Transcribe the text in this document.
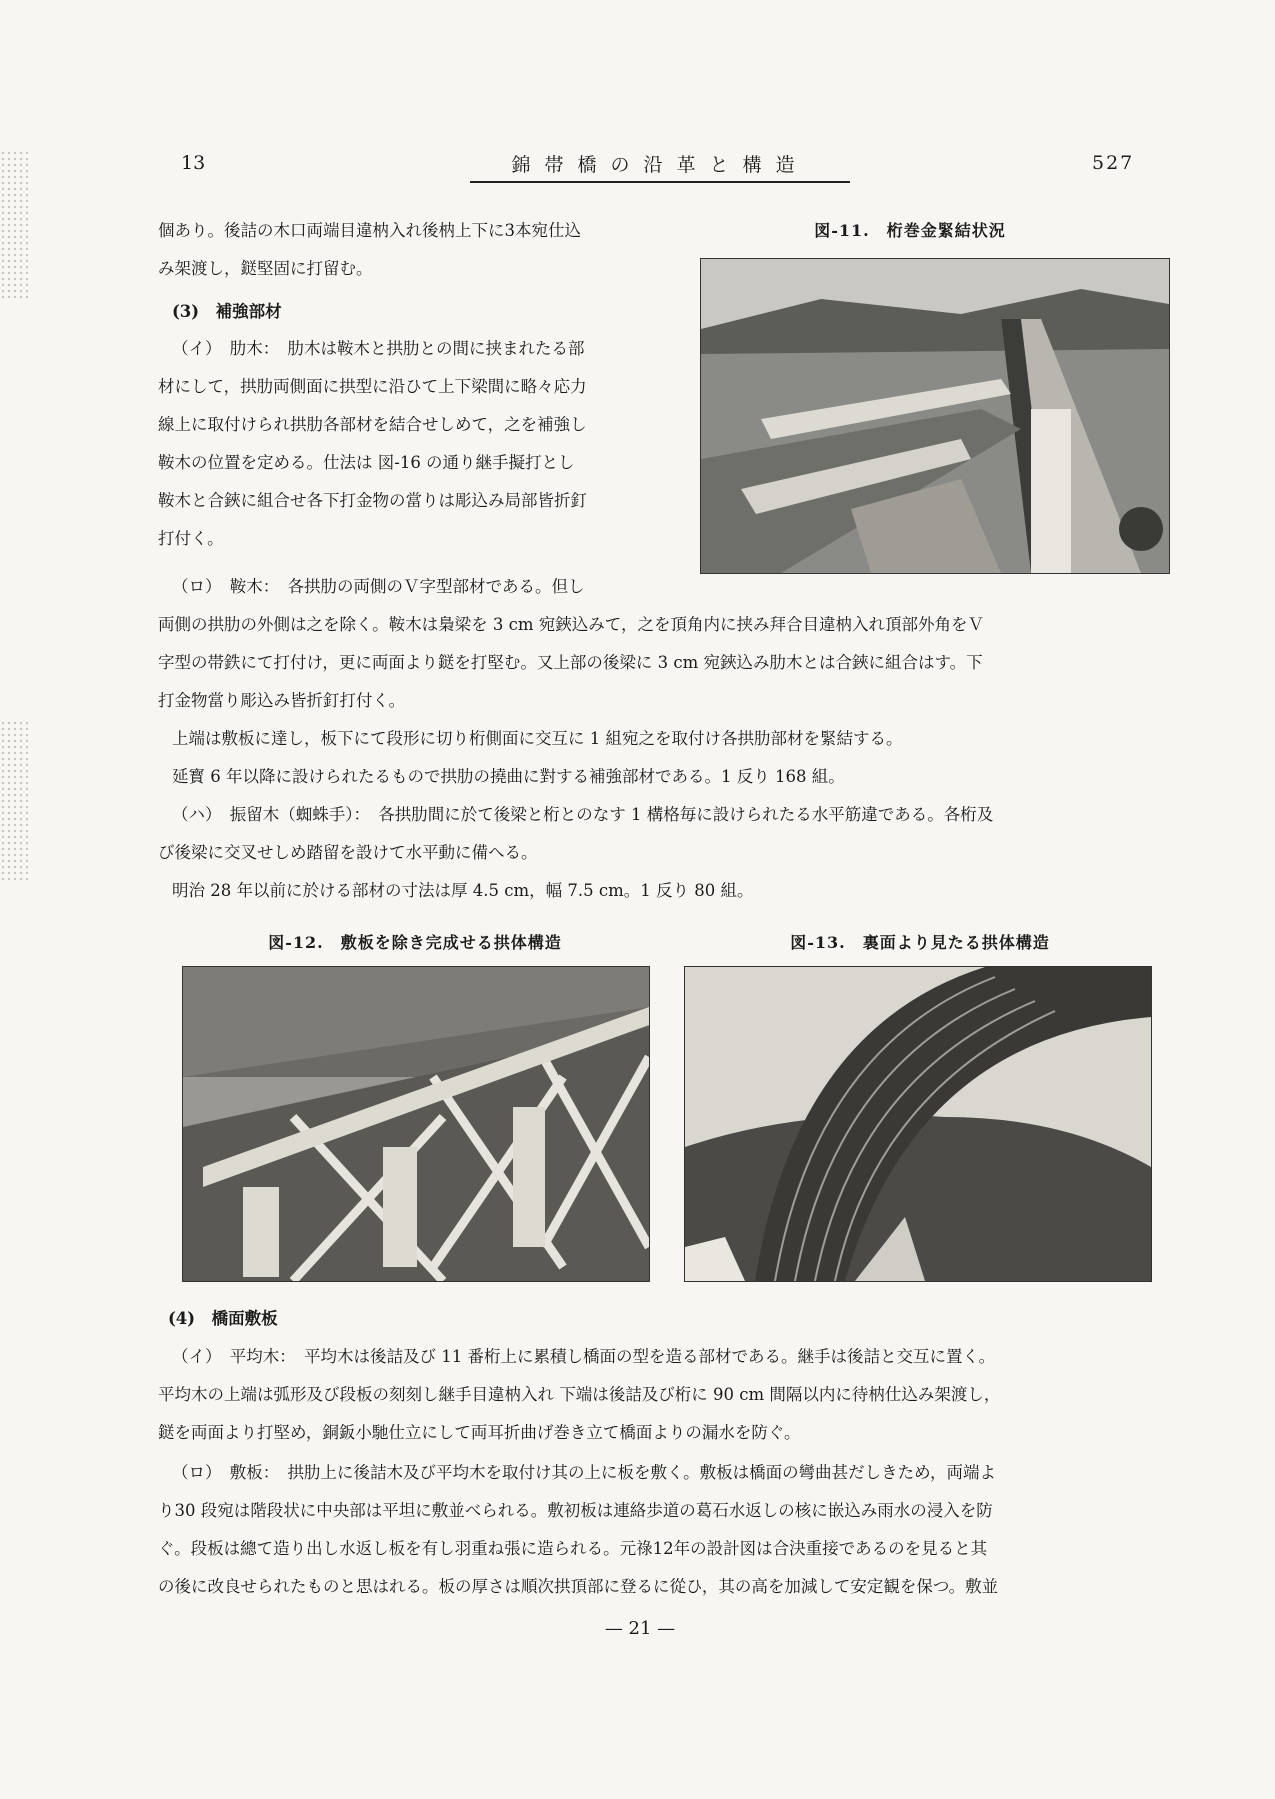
13	錦帯橋の沿革と構造	527
個あり。後詰の木口両端目違枘入れ後枘上下に3本宛仕込
み架渡し，鎹堅固に打留む。
(3)　補強部材
（イ）　肋木：　肋木は鞍木と拱肋との間に挟まれたる部
材にして，拱肋両側面に拱型に沿ひて上下梁間に略々応力
線上に取付けられ拱肋各部材を結合せしめて，之を補強し
鞍木の位置を定める。仕法は 図-16 の通り継手擬打とし
鞍木と合鋏に組合せ各下打金物の當りは彫込み局部皆折釘
打付く。
（ロ）　鞍木：　各拱肋の両側のＶ字型部材である。但し
図-11.　桁巻金緊結状況
両側の拱肋の外側は之を除く。鞍木は梟梁を 3 cm 宛鋏込みて，之を頂角内に挟み拜合目違枘入れ頂部外角をＶ
字型の帯鉄にて打付け，更に両面より鎹を打堅む。又上部の後梁に 3 cm 宛鋏込み肋木とは合鋏に組合はす。下
打金物當り彫込み皆折釘打付く。
上端は敷板に達し，板下にて段形に切り桁側面に交互に 1 組宛之を取付け各拱肋部材を緊結する。
延寳 6 年以降に設けられたるもので拱肋の撓曲に對する補強部材である。1 反り 168 組。
（ハ）　振留木（蜘蛛手）：　各拱肋間に於て後梁と桁とのなす 1 構格毎に設けられたる水平筋違である。各桁及
び後梁に交叉せしめ踏留を設けて水平動に備へる。
明治 28 年以前に於ける部材の寸法は厚 4.5 cm，幅 7.5 cm。1 反り 80 組。
図-12.　敷板を除き完成せる拱体構造	図-13.　裏面より見たる拱体構造
(4)　橋面敷板
（イ）　平均木：　平均木は後詰及び 11 番桁上に累積し橋面の型を造る部材である。継手は後詰と交互に置く。
平均木の上端は弧形及び段板の刻刻し継手目違枘入れ 下端は後詰及び桁に 90 cm 間隔以内に待枘仕込み架渡し，
鎹を両面より打堅め，銅鈑小馳仕立にして両耳折曲げ巻き立て橋面よりの漏水を防ぐ。
（ロ）　敷板：　拱肋上に後詰木及び平均木を取付け其の上に板を敷く。敷板は橋面の彎曲甚だしきため，両端よ
り30 段宛は階段状に中央部は平坦に敷並べられる。敷初板は連絡歩道の葛石水返しの核に嵌込み雨水の浸入を防
ぐ。段板は總て造り出し水返し板を有し羽重ね張に造られる。元祿12年の設計図は合決重接であるのを見ると其
の後に改良せられたものと思はれる。板の厚さは順次拱頂部に登るに從ひ，其の高を加減して安定観を保つ。敷並
— 21 —
